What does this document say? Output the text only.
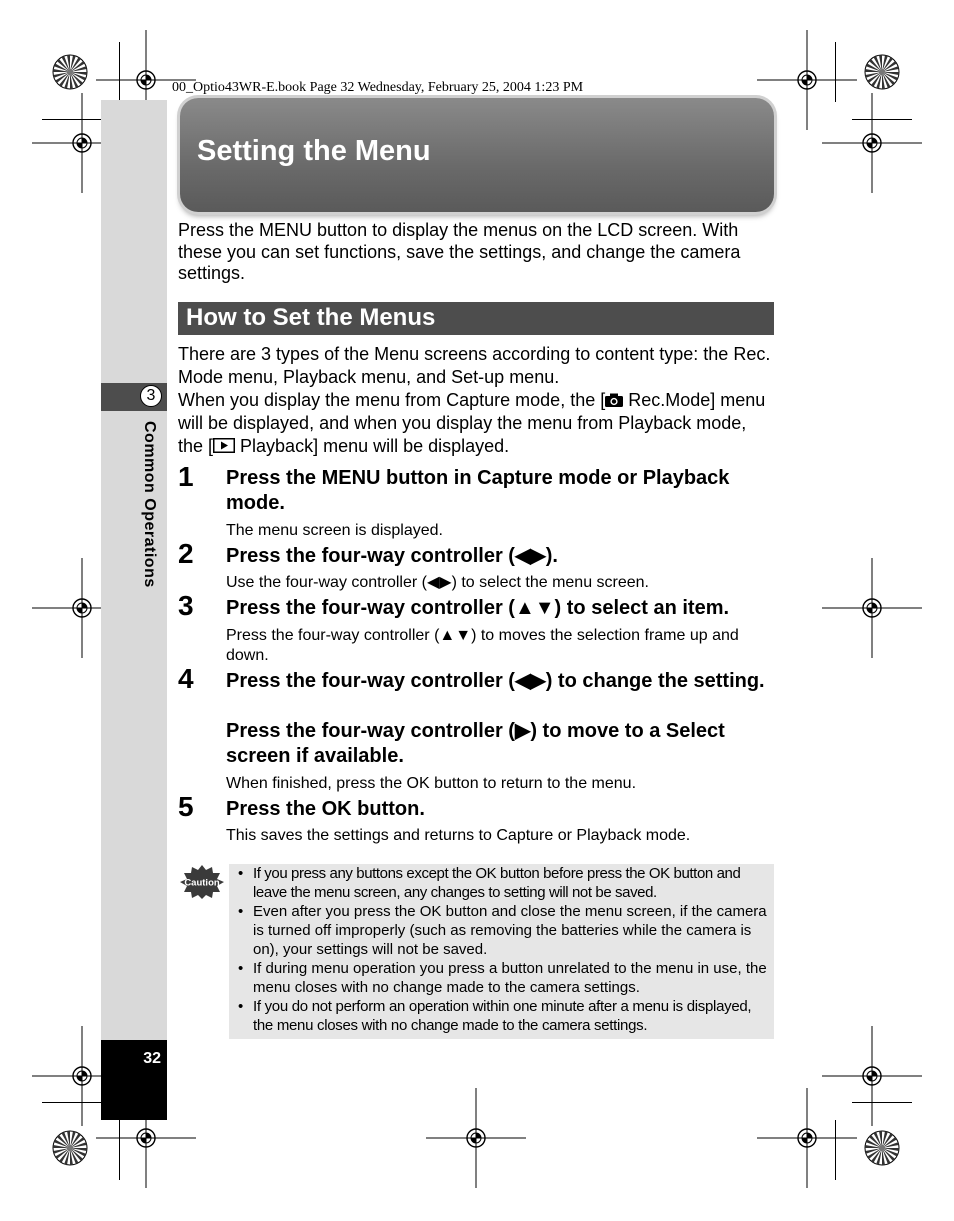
00_Optio43WR-E.book Page 32 Wednesday, February 25, 2004 1:23 PM
3
Common Operations
32
Setting the Menu
Press the MENU button to display the menus on the LCD screen. With these you can set functions, save the settings, and change the camera settings.
How to Set the Menus
There are 3 types of the Menu screens according to content type: the Rec. Mode menu, Playback menu, and Set-up menu.
When you display the menu from Capture mode, the [ Rec.Mode] menu will be displayed, and when you display the menu from Playback mode, the [ Playback] menu will be displayed.
1 Press the MENU button in Capture mode or Playback mode.
The menu screen is displayed.
2 Press the four-way controller (◀▶).
Use the four-way controller (◀▶) to select the menu screen.
3 Press the four-way controller (▲▼) to select an item.
Press the four-way controller (▲▼) to moves the selection frame up and down.
4 Press the four-way controller (◀▶) to change the setting.
Press the four-way controller (▶) to move to a Select screen if available.
When finished, press the OK button to return to the menu.
5 Press the OK button.
This saves the settings and returns to Capture or Playback mode.
Caution
• If you press any buttons except the OK button before press the OK button and leave the menu screen, any changes to setting will not be saved.
• Even after you press the OK button and close the menu screen, if the camera is turned off improperly (such as removing the batteries while the camera is on), your settings will not be saved.
• If during menu operation you press a button unrelated to the menu in use, the menu closes with no change made to the camera settings.
• If you do not perform an operation within one minute after a menu is displayed, the menu closes with no change made to the camera settings.
